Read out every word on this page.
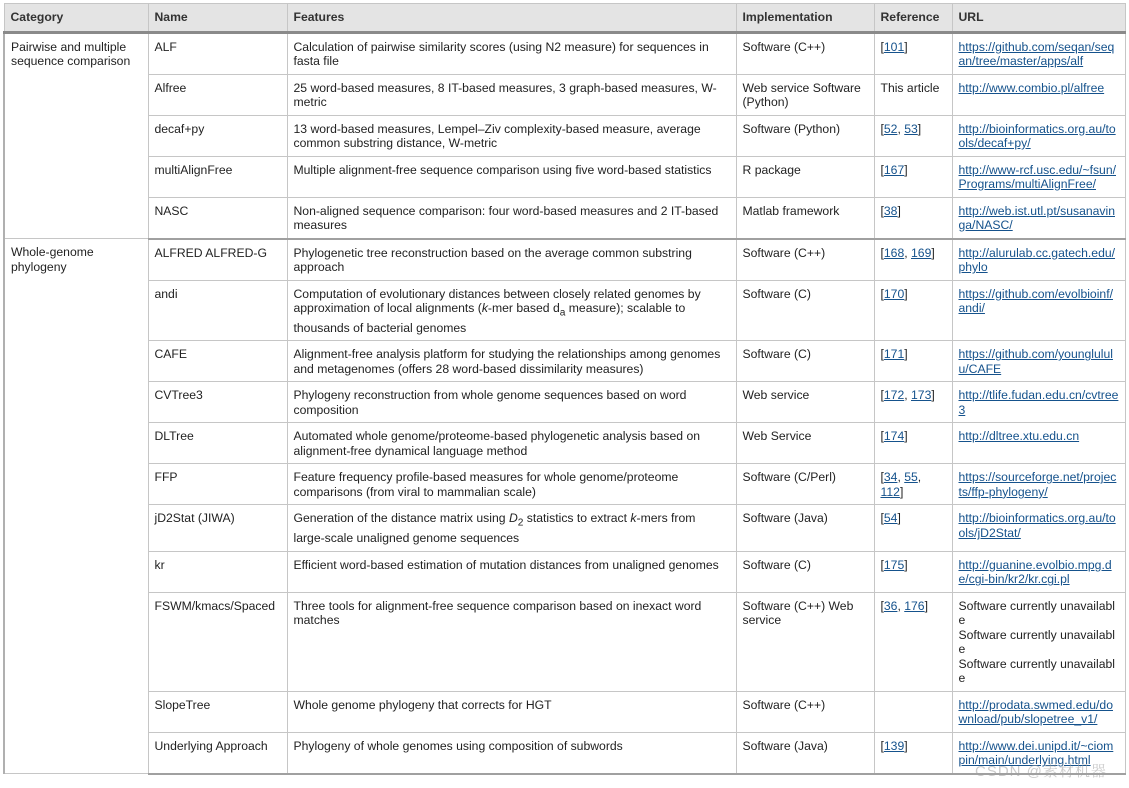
Category	Name	Features	Implementation	Reference	URL
Pairwise and multiple sequence comparison	ALF	Calculation of pairwise similarity scores (using N2 measure) for sequences in fasta file	Software (C++)	[101]	https://github.com/seqan/seqan/tree/master/apps/alf
	Alfree	25 word-based measures, 8 IT-based measures, 3 graph-based measures, W-metric	Web service Software (Python)	This article	http://www.combio.pl/alfree
	decaf+py	13 word-based measures, Lempel–Ziv complexity-based measure, average common substring distance, W-metric	Software (Python)	[52, 53]	http://bioinformatics.org.au/tools/decaf+py/
	multiAlignFree	Multiple alignment-free sequence comparison using five word-based statistics	R package	[167]	http://www-rcf.usc.edu/~fsun/Programs/multiAlignFree/
	NASC	Non-aligned sequence comparison: four word-based measures and 2 IT-based measures	Matlab framework	[38]	http://web.ist.utl.pt/susanavinga/NASC/
Whole-genome phylogeny	ALFRED ALFRED-G	Phylogenetic tree reconstruction based on the average common substring approach	Software (C++)	[168, 169]	http://alurulab.cc.gatech.edu/phylo
	andi	Computation of evolutionary distances between closely related genomes by approximation of local alignments (k-mer based $d_a$ measure); scalable to thousands of bacterial genomes	Software (C)	[170]	https://github.com/evolbioinf/andi/
	CAFE	Alignment-free analysis platform for studying the relationships among genomes and metagenomes (offers 28 word-based dissimilarity measures)	Software (C)	[171]	https://github.com/younglululu/CAFE
	CVTree3	Phylogeny reconstruction from whole genome sequences based on word composition	Web service	[172, 173]	http://tlife.fudan.edu.cn/cvtree3
	DLTree	Automated whole genome/proteome-based phylogenetic analysis based on alignment-free dynamical language method	Web Service	[174]	http://dltree.xtu.edu.cn
	FFP	Feature frequency profile-based measures for whole genome/proteome comparisons (from viral to mammalian scale)	Software (C/Perl)	[34, 55, 112]	https://sourceforge.net/projects/ffp-phylogeny/
	jD2Stat (JIWA)	Generation of the distance matrix using $D_2$ statistics to extract k-mers from large-scale unaligned genome sequences	Software (Java)	[54]	http://bioinformatics.org.au/tools/jD2Stat/
	kr	Efficient word-based estimation of mutation distances from unaligned genomes	Software (C)	[175]	http://guanine.evolbio.mpg.de/cgi-bin/kr2/kr.cgi.pl
	FSWM/kmacs/Spaced	Three tools for alignment-free sequence comparison based on inexact word matches	Software (C++) Web service	[36, 176]	Software currently unavailable
Software currently unavailable
Software currently unavailable

	SlopeTree	Whole genome phylogeny that corrects for HGT	Software (C++)		http://prodata.swmed.edu/download/pub/slopetree_v1/
	Underlying Approach	Phylogeny of whole genomes using composition of subwords	Software (Java)	[139]	http://www.dei.unipd.it/~ciompin/main/underlying.html
CSDN @素材机器
